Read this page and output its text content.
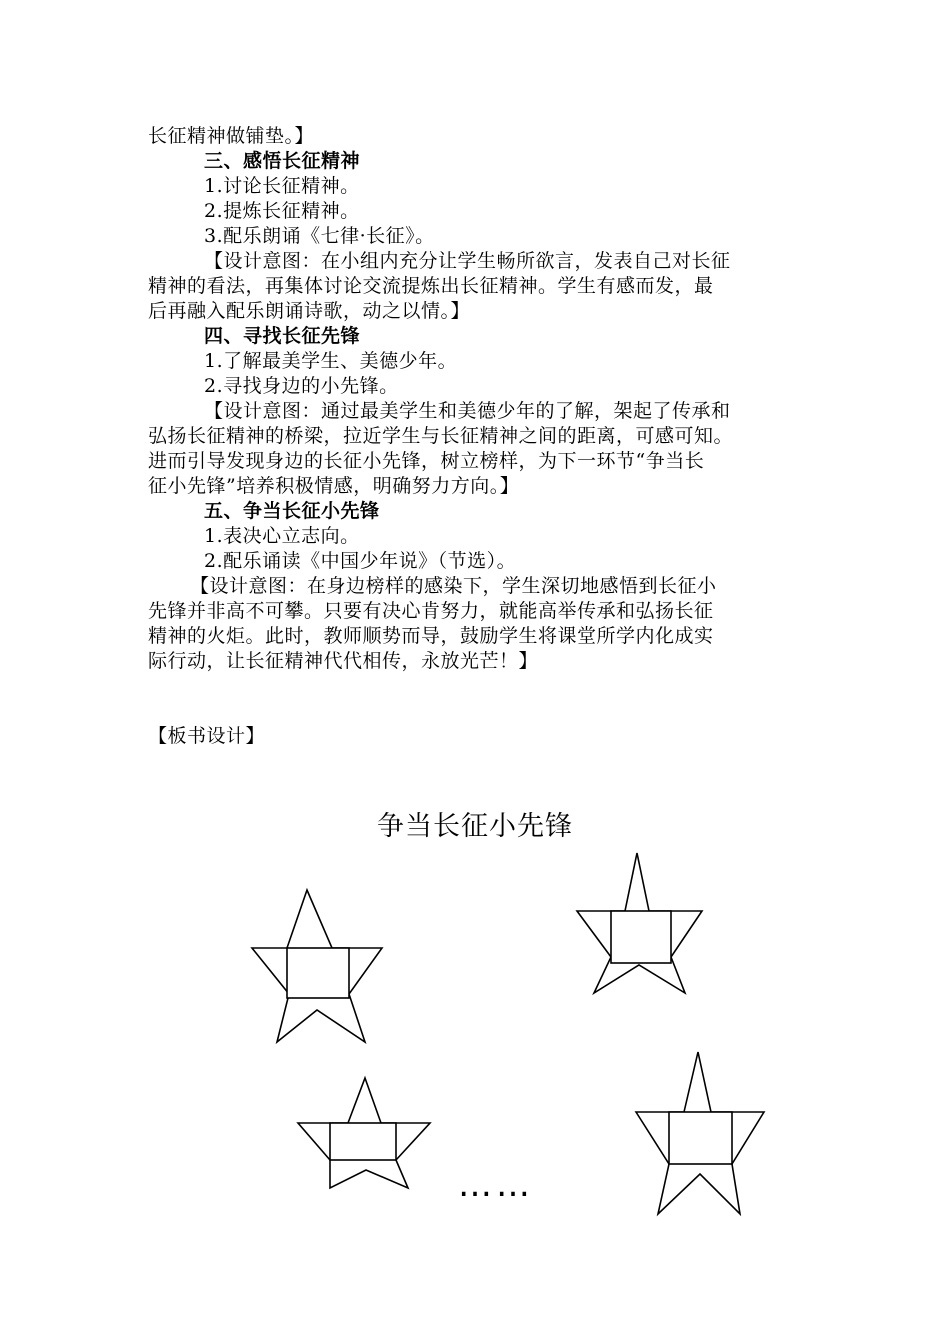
长征精神做铺垫。】
三、感悟长征精神
1.讨论长征精神。
2.提炼长征精神。
3.配乐朗诵《七律·长征》。
【设计意图：在小组内充分让学生畅所欲言，发表自己对长征
精神的看法，再集体讨论交流提炼出长征精神。学生有感而发，最
后再融入配乐朗诵诗歌，动之以情。】
四、寻找长征先锋
1.了解最美学生、美德少年。
2.寻找身边的小先锋。
【设计意图：通过最美学生和美德少年的了解，架起了传承和
弘扬长征精神的桥梁，拉近学生与长征精神之间的距离，可感可知。
进而引导发现身边的长征小先锋，树立榜样，为下一环节“争当长
征小先锋”培养积极情感，明确努力方向。】
五、争当长征小先锋
1.表决心立志向。
2.配乐诵读《中国少年说》（节选）。
【设计意图：在身边榜样的感染下，学生深切地感悟到长征小
先锋并非高不可攀。只要有决心肯努力，就能高举传承和弘扬长征
精神的火炬。此时，教师顺势而导，鼓励学生将课堂所学内化成实
际行动，让长征精神代代相传，永放光芒！】
【板书设计】
争当长征小先锋
……
